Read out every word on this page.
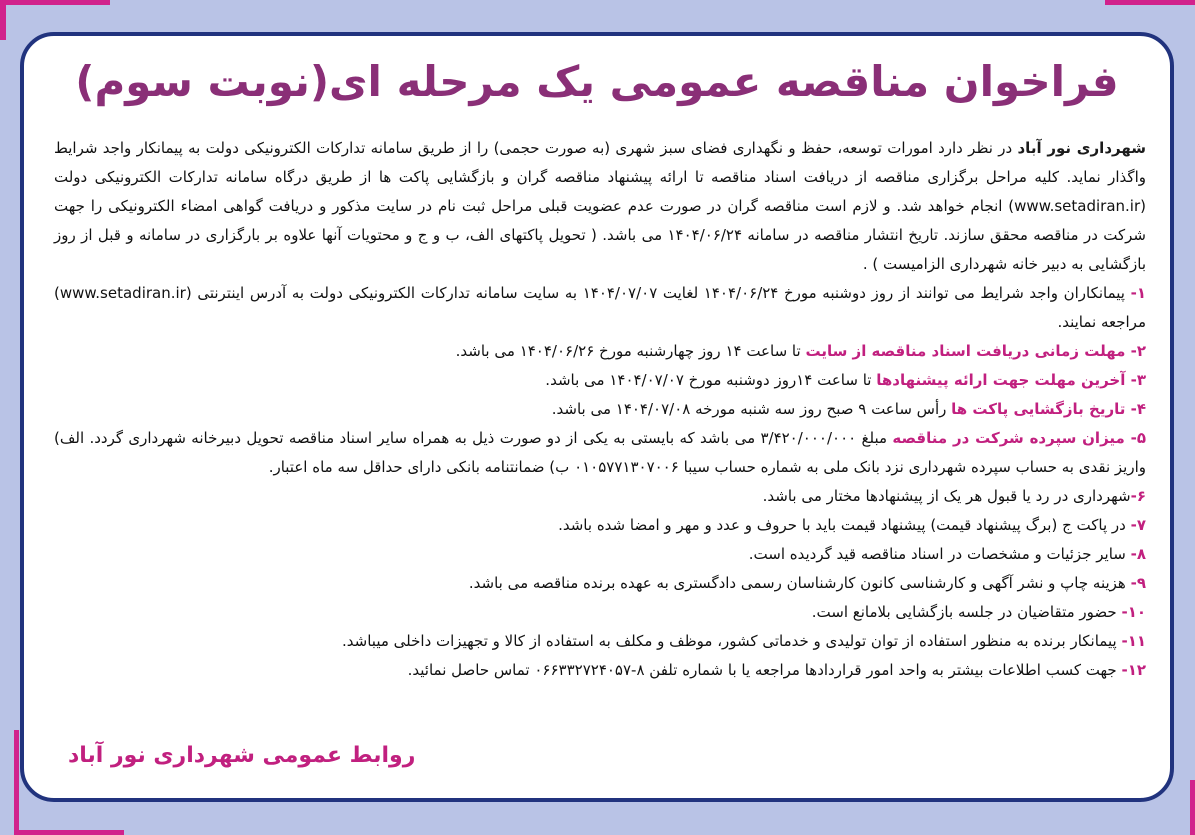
فراخوان مناقصه عمومی یک مرحله ای(نوبت سوم)

شهرداری نور آباد در نظر دارد امورات توسعه، حفظ و نگهداری فضای سبز شهری (به صورت حجمی) را از طریق سامانه تدارکات الکترونیکی دولت به پیمانکار واجد شرایط واگذار نماید. کلیه مراحل برگزاری مناقصه از دریافت اسناد مناقصه تا ارائه پیشنهاد مناقصه گران و بازگشایی پاکت ها از طریق درگاه سامانه تدارکات الکترونیکی دولت (www.setadiran.ir) انجام خواهد شد. و لازم است مناقصه گران در صورت عدم عضویت قبلی مراحل ثبت نام در سایت مذکور و دریافت گواهی امضاء الکترونیکی را جهت شرکت در مناقصه محقق سازند. تاریخ انتشار مناقصه در سامانه ۱۴۰۴/۰۶/۲۴ می باشد. ( تحویل پاکتهای الف، ب و ج و محتویات آنها علاوه بر بارگزاری در سامانه و قبل از روز بازگشایی به دبیر خانه شهرداری الزامیست ) .

۱- پیمانکاران واجد شرایط می توانند از روز دوشنبه مورخ ۱۴۰۴/۰۶/۲۴ لغایت ۱۴۰۴/۰۷/۰۷ به سایت سامانه تدارکات الکترونیکی دولت به آدرس اینترنتی (www.setadiran.ir) مراجعه نمایند.

۲- مهلت زمانی دریافت اسناد مناقصه از سایت تا ساعت ۱۴ روز چهارشنبه مورخ ۱۴۰۴/۰۶/۲۶ می باشد.

۳- آخرین مهلت جهت ارائه پیشنهادها تا ساعت ۱۴روز دوشنبه مورخ ۱۴۰۴/۰۷/۰۷ می باشد.

۴- تاریخ بازگشایی پاکت ها رأس ساعت ۹ صبح روز سه شنبه مورخه ۱۴۰۴/۰۷/۰۸ می باشد.

۵- میزان سپرده شرکت در مناقصه مبلغ ۳/۴۲۰/۰۰۰/۰۰۰ می باشد که بایستی به یکی از دو صورت ذیل به همراه سایر اسناد مناقصه تحویل دبیرخانه شهرداری گردد. الف) واریز نقدی به حساب سپرده شهرداری نزد بانک ملی به شماره حساب سیبا ۰۱۰۵۷۷۱۳۰۷۰۰۶ ب) ضمانتنامه بانکی دارای حداقل سه ماه اعتبار.

۶-شهرداری در رد یا قبول هر یک از پیشنهادها مختار می باشد.

۷- در پاکت ج (برگ پیشنهاد قیمت) پیشنهاد قیمت باید با حروف و عدد و مهر و امضا شده باشد.

۸- سایر جزئیات و مشخصات در اسناد مناقصه قید گردیده است.

۹- هزینه چاپ و نشر آگهی و کارشناسی کانون کارشناسان رسمی دادگستری به عهده برنده مناقصه می باشد.

۱۰- حضور متقاضیان در جلسه بازگشایی بلامانع است.

۱۱- پیمانکار برنده به منظور استفاده از توان تولیدی و خدماتی کشور، موظف و مکلف به استفاده از کالا و تجهیزات داخلی میباشد.

۱۲- جهت کسب اطلاعات بیشتر به واحد امور قراردادها مراجعه یا با شماره تلفن ۸-۰۶۶۳۳۲۷۲۴۰۵۷ تماس حاصل نمائید.

روابط عمومی شهرداری نور آباد
